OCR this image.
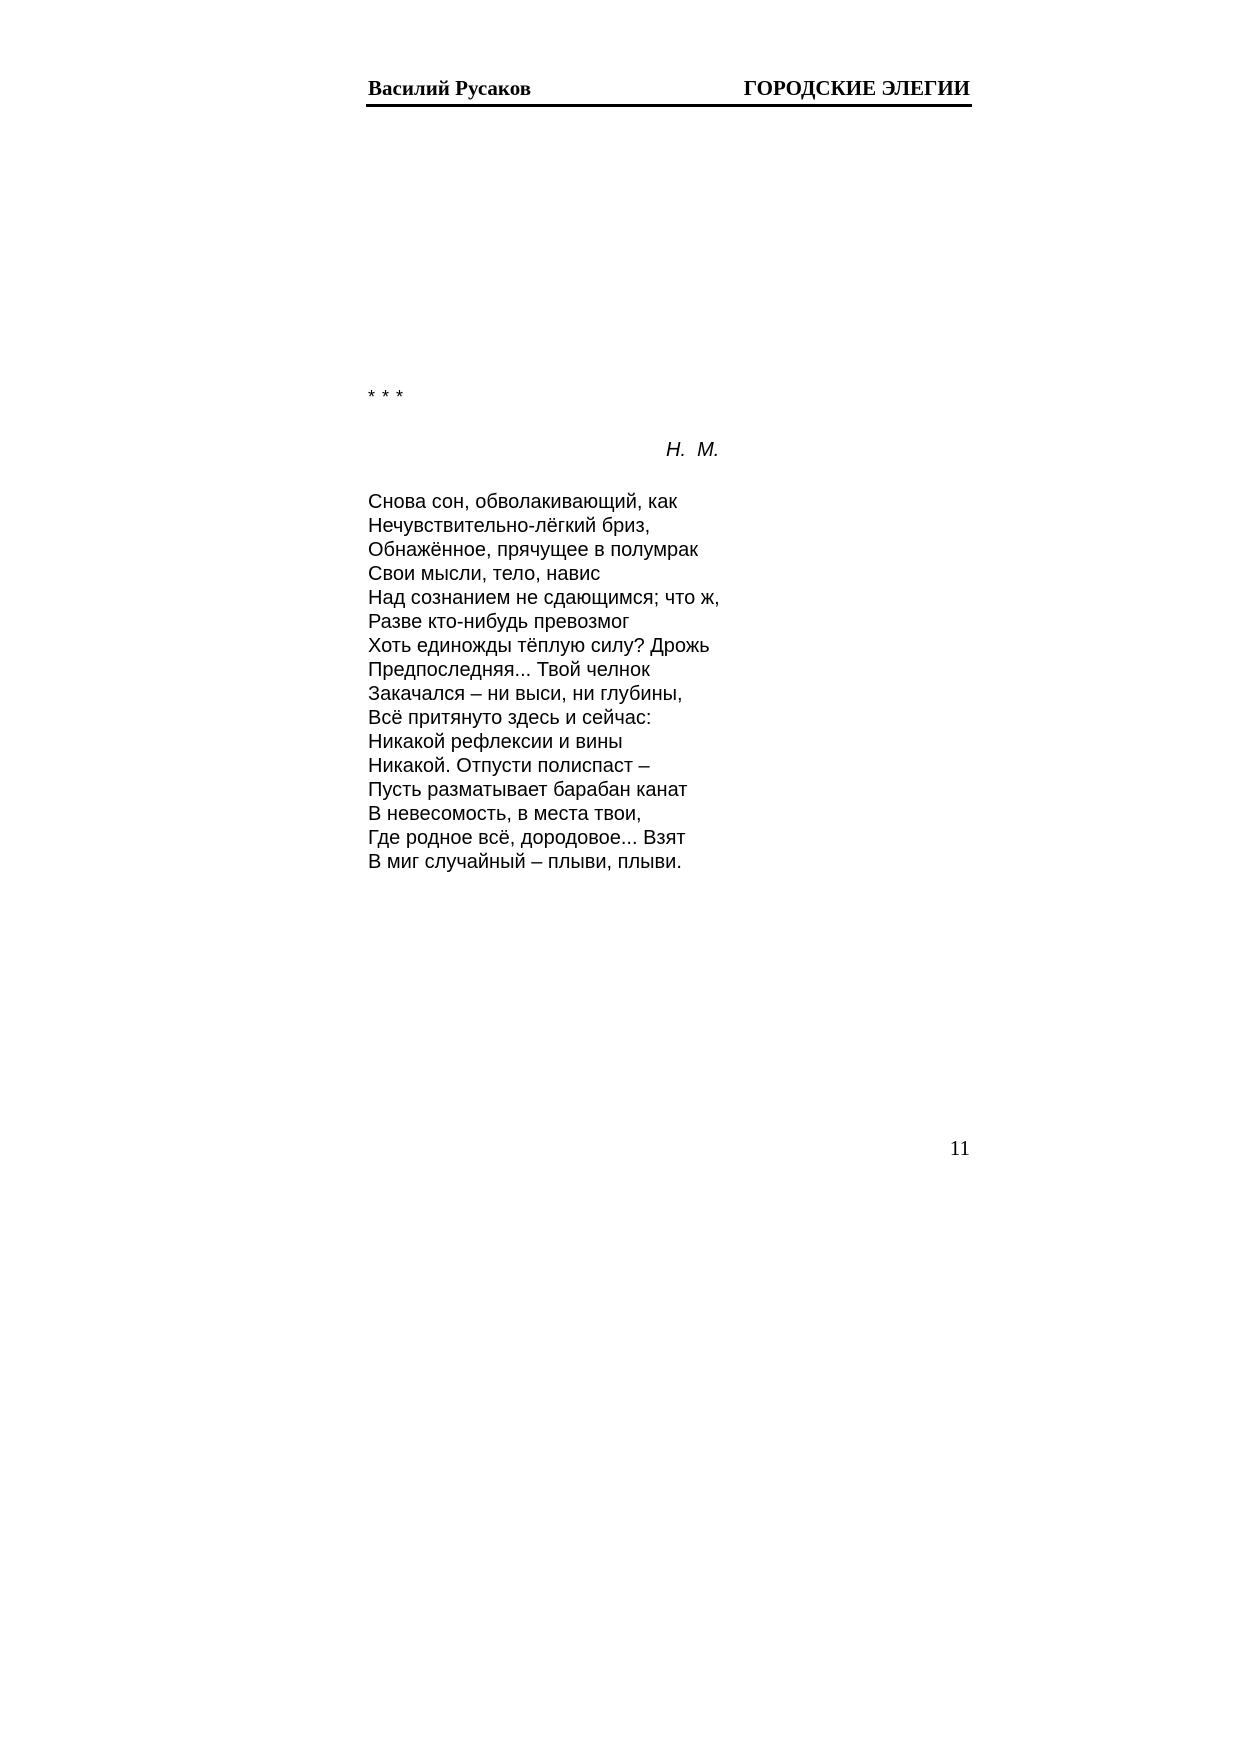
Василий Русаков	ГОРОДСКИЕ ЭЛЕГИИ
* * *
Н.  М.
Снова сон, обволакивающий, как
Нечувствительно-лёгкий бриз,
Обнажённое, прячущее в полумрак
Свои мысли, тело, навис
Над сознанием не сдающимся; что ж,
Разве кто-нибудь превозмог
Хоть единожды тёплую силу? Дрожь
Предпоследняя... Твой челнок
Закачался – ни выси, ни глубины,
Всё притянуто здесь и сейчас:
Никакой рефлексии и вины
Никакой. Отпусти полиспаст –
Пусть разматывает барабан канат
В невесомость, в места твои,
Где родное всё, дородовое... Взят
В миг случайный – плыви, плыви.
11
